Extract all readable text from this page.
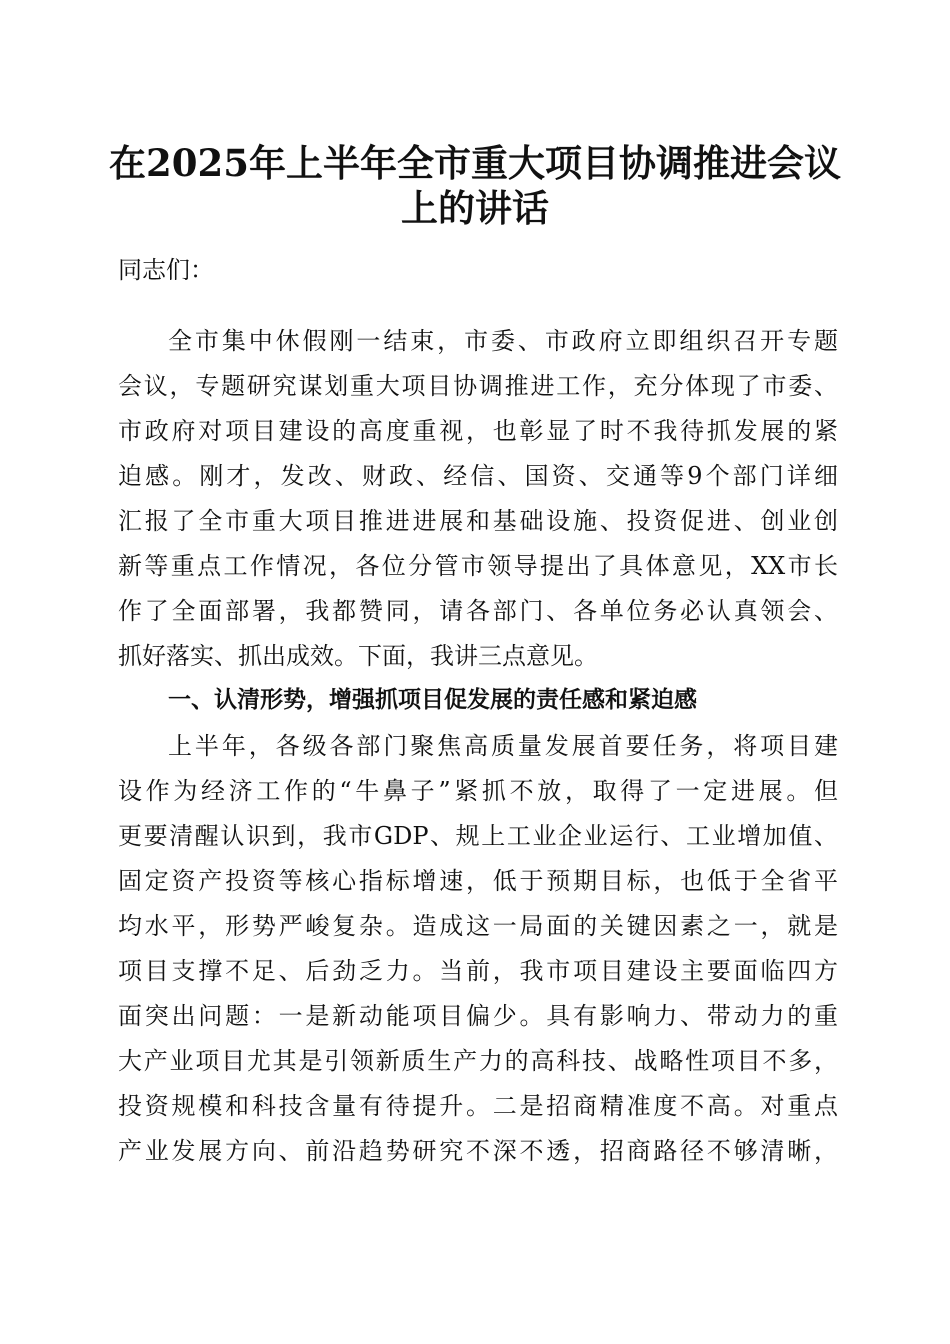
在2025年上半年全市重大项目协调推进会议
上的讲话

同志们：

全市集中休假刚一结束，市委、市政府立即组织召开专题

会议，专题研究谋划重大项目协调推进工作，充分体现了市委、

市政府对项目建设的高度重视，也彰显了时不我待抓发展的紧

迫感。刚才，发改、财政、经信、国资、交通等9个部门详细

汇报了全市重大项目推进进展和基础设施、投资促进、创业创

新等重点工作情况，各位分管市领导提出了具体意见，XX市长

作了全面部署，我都赞同，请各部门、各单位务必认真领会、

抓好落实、抓出成效。下面，我讲三点意见。

一、认清形势，增强抓项目促发展的责任感和紧迫感

上半年，各级各部门聚焦高质量发展首要任务，将项目建

设作为经济工作的“牛鼻子”紧抓不放，取得了一定进展。但

更要清醒认识到，我市GDP、规上工业企业运行、工业增加值、

固定资产投资等核心指标增速，低于预期目标，也低于全省平

均水平，形势严峻复杂。造成这一局面的关键因素之一，就是

项目支撑不足、后劲乏力。当前，我市项目建设主要面临四方

面突出问题：一是新动能项目偏少。具有影响力、带动力的重

大产业项目尤其是引领新质生产力的高科技、战略性项目不多，

投资规模和科技含量有待提升。二是招商精准度不高。对重点

产业发展方向、前沿趋势研究不深不透，招商路径不够清晰，
